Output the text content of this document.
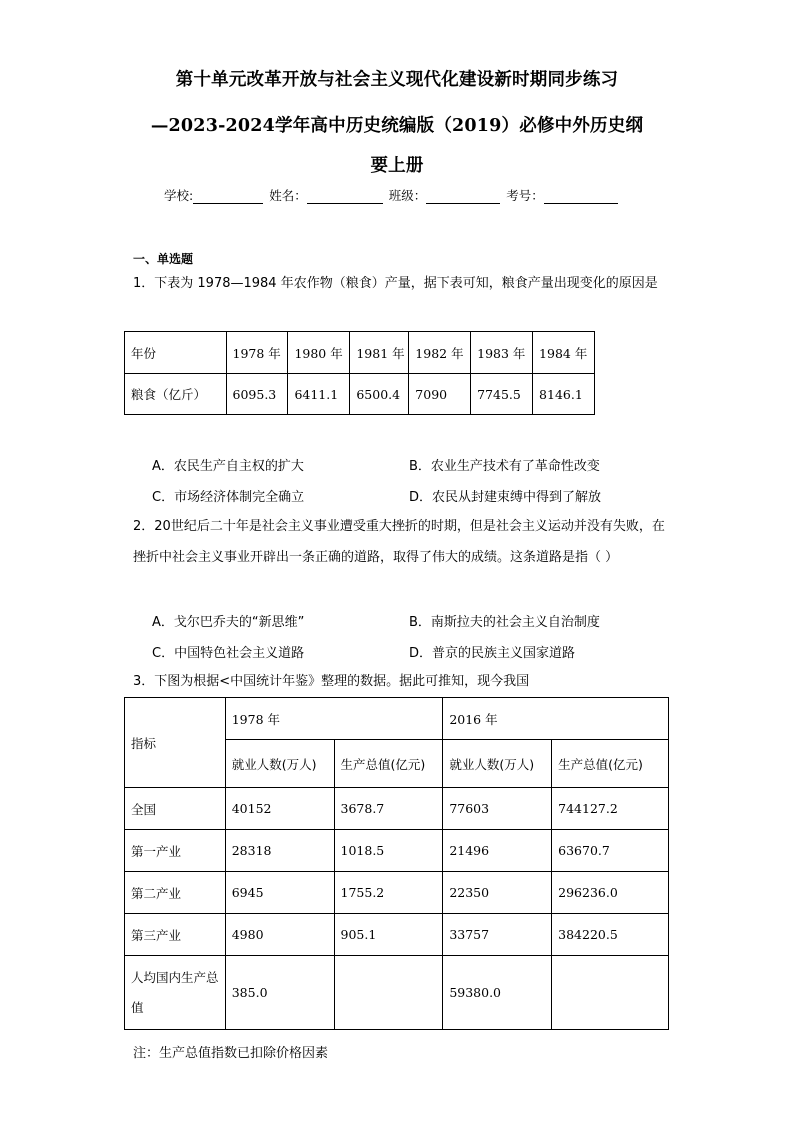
第十单元改革开放与社会主义现代化建设新时期同步练习
—2023-2024学年高中历史统编版（2019）必修中外历史纲
要上册
学校:	姓名：	班级：	考号：
一、单选题
1．下表为 1978—1984 年农作物（粮食）产量，据下表可知，粮食产量出现变化的原因是
年份	1978 年	1980 年	1981 年	1982 年	1983 年	1984 年
粮食（亿斤）	6095.3	6411.1	6500.4	7090	7745.5	8146.1
A．农民生产自主权的扩大	B．农业生产技术有了革命性改变
C．市场经济体制完全确立	D．农民从封建束缚中得到了解放
2．20世纪后二十年是社会主义事业遭受重大挫折的时期，但是社会主义运动并没有失败，在挫折中社会主义事业开辟出一条正确的道路，取得了伟大的成绩。这条道路是指（ ）
A．戈尔巴乔夫的“新思维”	B．南斯拉夫的社会主义自治制度
C．中国特色社会主义道路	D．普京的民族主义国家道路
3．下图为根据<中国统计年鉴》整理的数据。据此可推知，现今我国
指标	1978 年		2016 年	
	就业人数(万人)	生产总值(亿元)	就业人数(万人)	生产总值(亿元)
全国	40152	3678.7	77603	744127.2
第一产业	28318	1018.5	21496	63670.7
第二产业	6945	1755.2	22350	296236.0
第三产业	4980	905.1	33757	384220.5
人均国内生产总值	385.0		59380.0	
注：生产总值指数已扣除价格因素
